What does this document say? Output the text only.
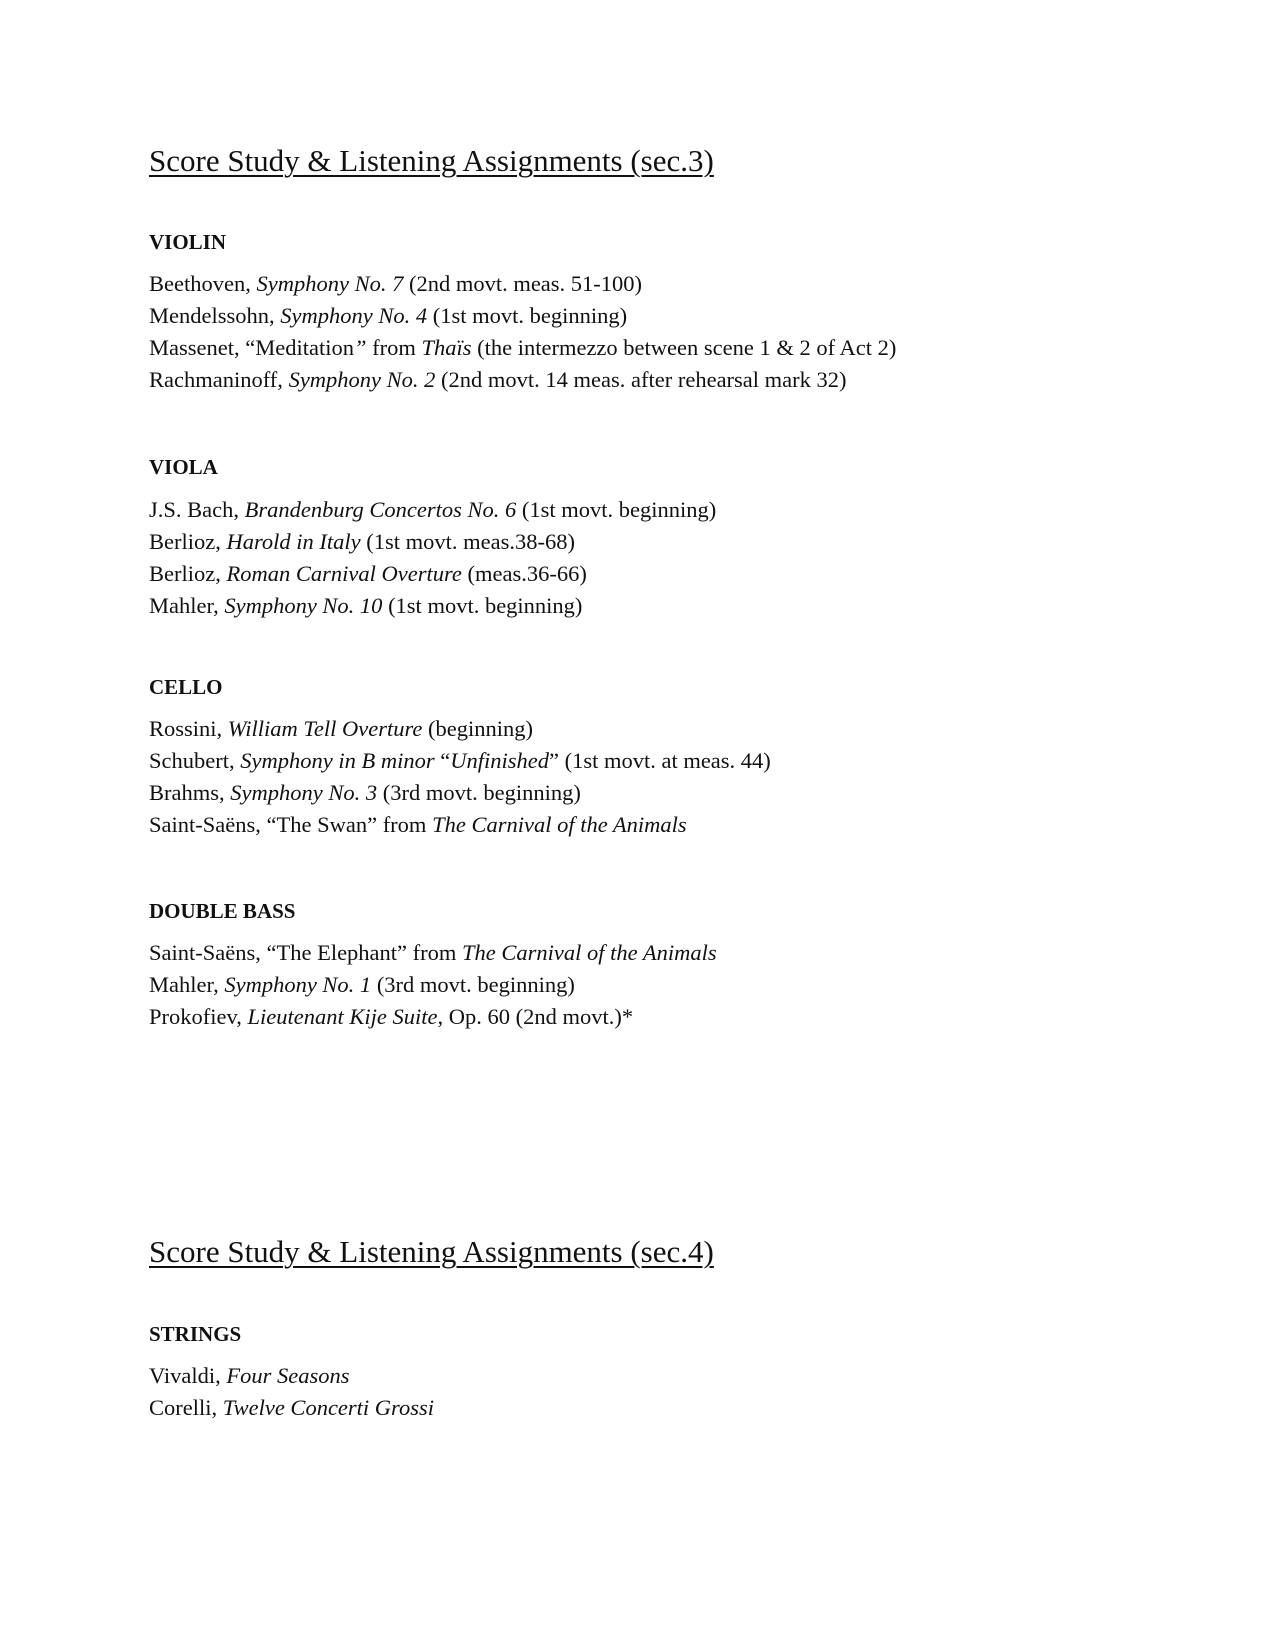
Score Study & Listening Assignments (sec.3)
VIOLIN
Beethoven, Symphony No. 7 (2nd movt. meas. 51-100)
Mendelssohn, Symphony No. 4 (1st movt. beginning)
Massenet, “Meditation” from Thaïs (the intermezzo between scene 1 & 2 of Act 2)
Rachmaninoff, Symphony No. 2 (2nd movt. 14 meas. after rehearsal mark 32)
VIOLA
J.S. Bach, Brandenburg Concertos No. 6 (1st movt. beginning)
Berlioz, Harold in Italy (1st movt. meas.38-68)
Berlioz, Roman Carnival Overture (meas.36-66)
Mahler, Symphony No. 10 (1st movt. beginning)
CELLO
Rossini, William Tell Overture (beginning)
Schubert, Symphony in B minor “Unfinished” (1st movt. at meas. 44)
Brahms, Symphony No. 3 (3rd movt. beginning)
Saint-Saëns, “The Swan” from The Carnival of the Animals
DOUBLE BASS
Saint-Saëns, “The Elephant” from The Carnival of the Animals
Mahler, Symphony No. 1 (3rd movt. beginning)
Prokofiev, Lieutenant Kije Suite, Op. 60 (2nd movt.)*
Score Study & Listening Assignments (sec.4)
STRINGS
Vivaldi, Four Seasons
Corelli, Twelve Concerti Grossi
